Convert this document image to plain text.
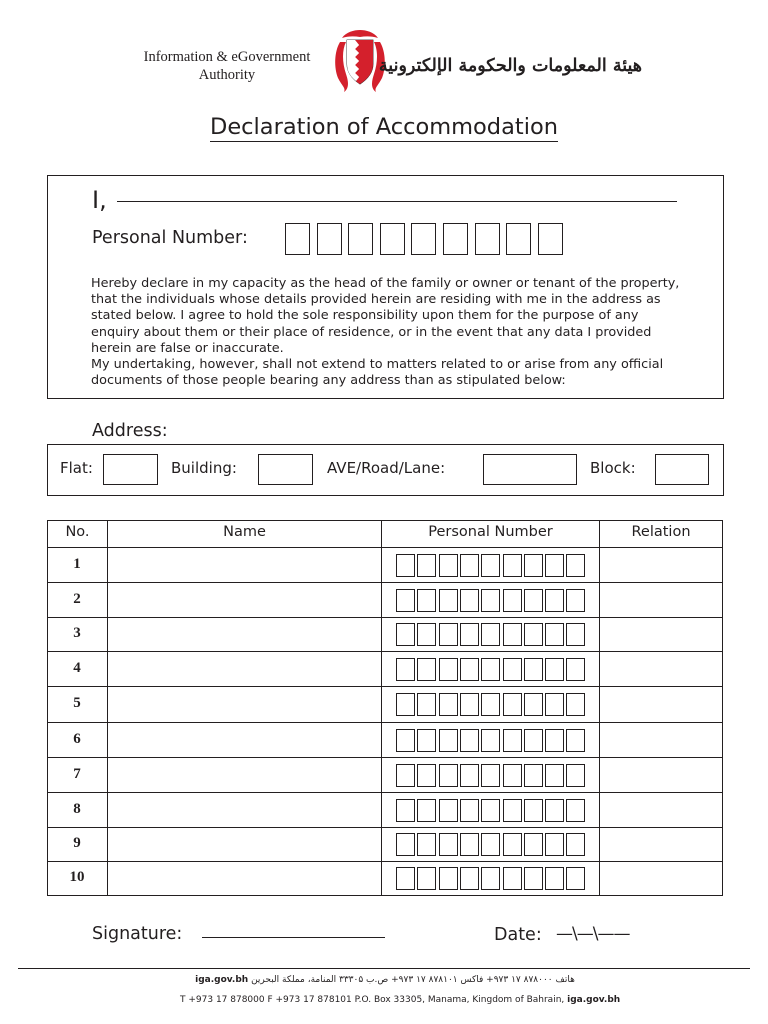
Information & eGovernment
Authority	هيئة المعلومات والحكومة الإلكترونية
Declaration of Accommodation
I,
Personal Number:

Hereby declare in my capacity as the head of the family or owner or tenant of the property, that the individuals whose details provided herein are residing with me in the address as stated below. I agree to hold the sole responsibility upon them for the purpose of any enquiry about them or their place of residence, or in the event that any data I provided herein are false or inaccurate.

My undertaking, however, shall not extend to matters related to or arise from any official documents of those people bearing any address than as stipulated below:

Address:
Flat:	Building:	AVE/Road/Lane:	Block:
No.	Name	Personal Number	Relation
1
2
3
4
5
6
7
8
9
10
Signature:	Date: —\—\——
هاتف ۸۷۸۰۰۰ ۱۷ ۹۷۳+ فاكس ۸۷۸۱۰۱ ۱۷ ۹۷۳+ ص.ب ۳۳۳۰۵ المنامة، مملكة البحرين iga.gov.bh
T +973 17 878000 F +973 17 878101 P.O. Box 33305, Manama, Kingdom of Bahrain, iga.gov.bh
